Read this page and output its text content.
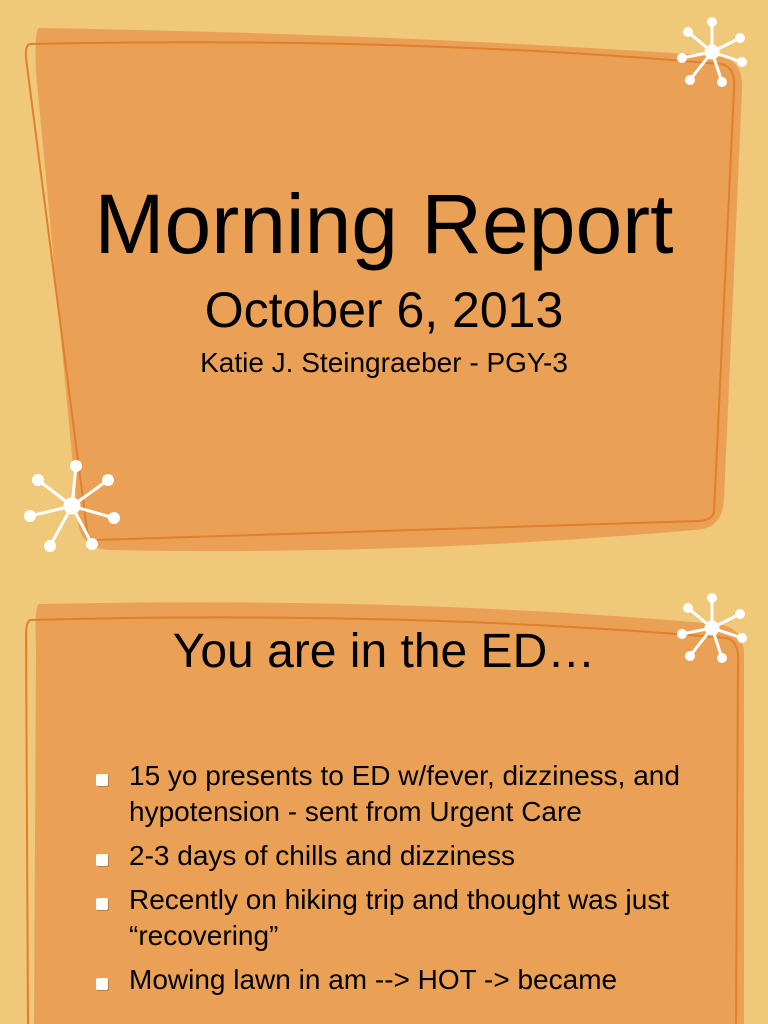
Morning Report
October 6, 2013
Katie J. Steingraeber - PGY-3
You are in the ED…
15 yo presents to ED w/fever, dizziness, and hypotension - sent from Urgent Care
2-3 days of chills and dizziness
Recently on hiking trip and thought was just “recovering”
Mowing lawn in am --> HOT -> became
